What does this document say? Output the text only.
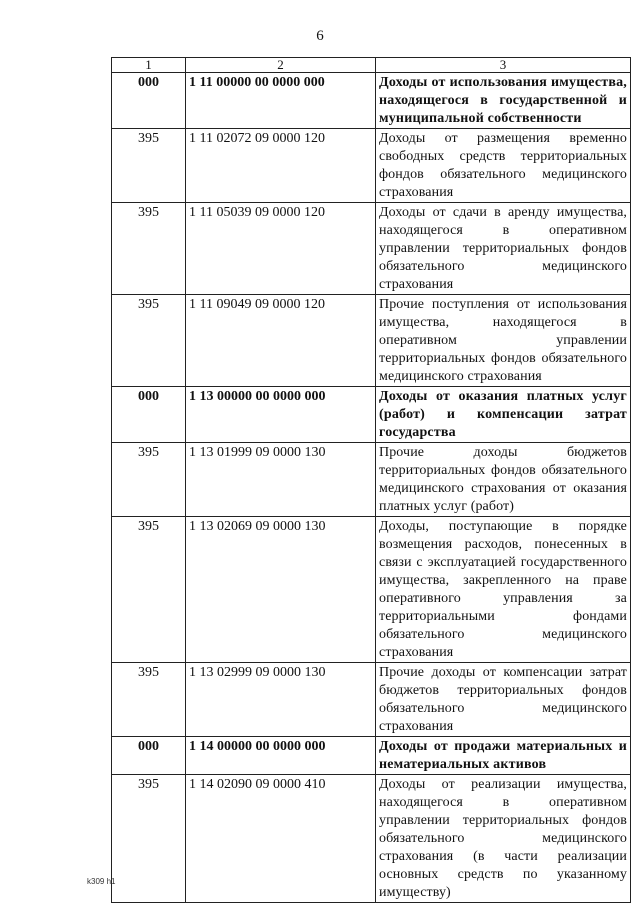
6
1	2	3
000	1 11 00000 00 0000 000	Доходы от использования имущества, находящегося в государственной и муниципальной собственности
395	1 11 02072 09 0000 120	Доходы от размещения временно свободных средств территориальных фондов обязательного медицинского страхования
395	1 11 05039 09 0000 120	Доходы от сдачи в аренду имущества, находящегося в оперативном управлении территориальных фондов обязательного медицинского страхования
395	1 11 09049 09 0000 120	Прочие поступления от использования имущества, находящегося в оперативном управлении территориальных фондов обязательного медицинского страхования
000	1 13 00000 00 0000 000	Доходы от оказания платных услуг (работ) и компенсации затрат государства
395	1 13 01999 09 0000 130	Прочие доходы бюджетов территориальных фондов обязательного медицинского страхования от оказания платных услуг (работ)
395	1 13 02069 09 0000 130	Доходы, поступающие в порядке возмещения расходов, понесенных в связи с эксплуатацией государственного имущества, закрепленного на праве оперативного управления за территориальными фондами обязательного медицинского страхования
395	1 13 02999 09 0000 130	Прочие доходы от компенсации затрат бюджетов территориальных фондов обязательного медицинского страхования
000	1 14 00000 00 0000 000	Доходы от продажи материальных и нематериальных активов
395	1 14 02090 09 0000 410	Доходы от реализации имущества, находящегося в оперативном управлении территориальных фондов обязательного медицинского страхования (в части реализации основных средств по указанному имуществу)
k309 h1
